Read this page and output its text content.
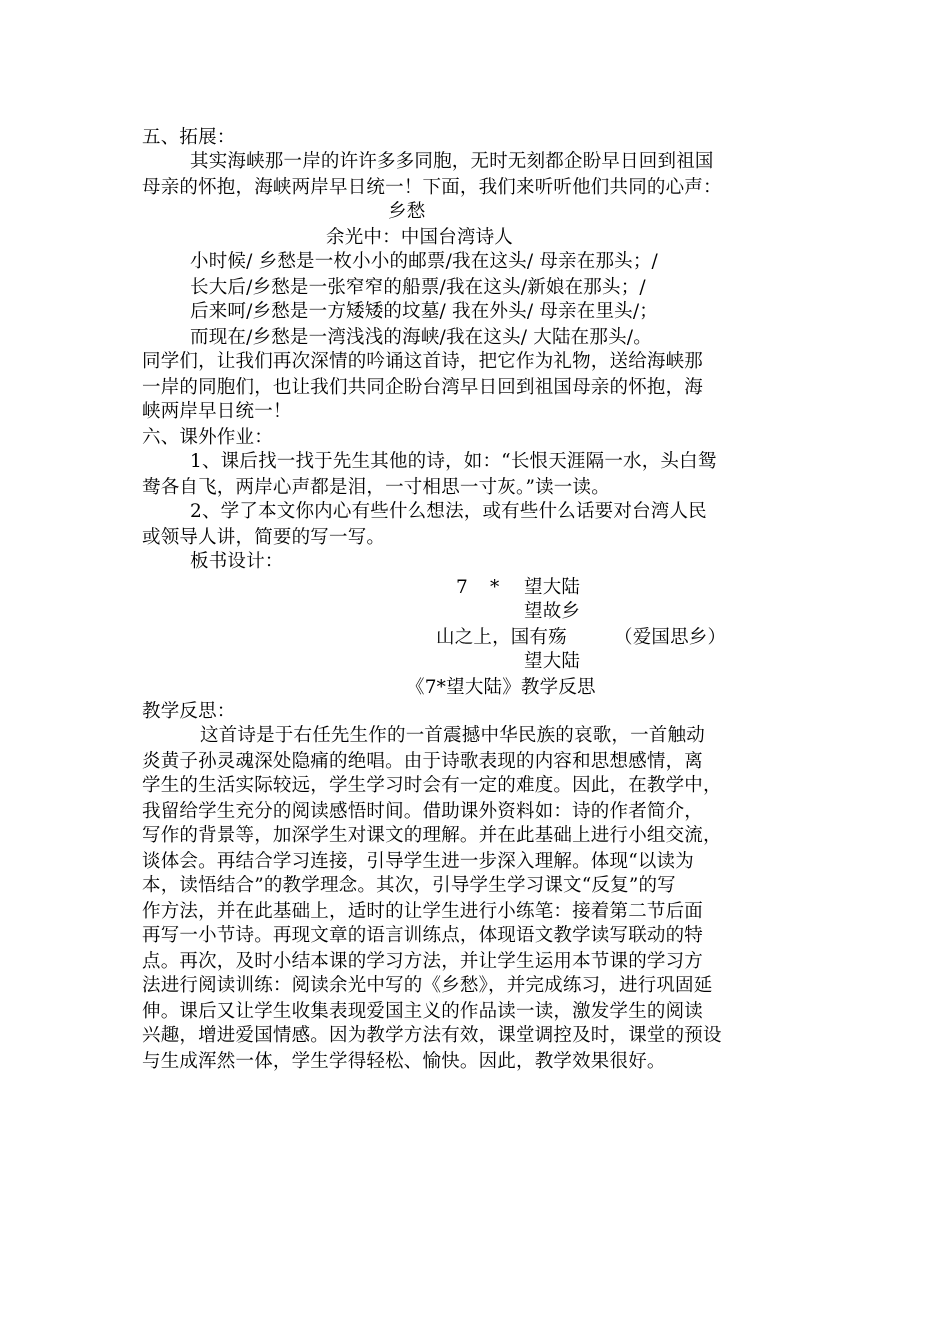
五、拓展：
其实海峡那一岸的许许多多同胞，无时无刻都企盼早日回到祖国
母亲的怀抱，海峡两岸早日统一！下面，我们来听听他们共同的心声：
乡愁
余光中：中国台湾诗人
小时候/ 乡愁是一枚小小的邮票/我在这头/ 母亲在那头；/
长大后/乡愁是一张窄窄的船票/我在这头/新娘在那头；/
后来呵/乡愁是一方矮矮的坟墓/ 我在外头/ 母亲在里头/；
而现在/乡愁是一湾浅浅的海峡/我在这头/ 大陆在那头/。
同学们，让我们再次深情的吟诵这首诗，把它作为礼物，送给海峡那
一岸的同胞们，也让我们共同企盼台湾早日回到祖国母亲的怀抱，海
峡两岸早日统一！
六、课外作业：
1、课后找一找于先生其他的诗，如：“长恨天涯隔一水，头白鸳
鸯各自飞，两岸心声都是泪，一寸相思一寸灰。”读一读。
2、学了本文你内心有些什么想法，或有些什么话要对台湾人民
或领导人讲，简要的写一写。
板书设计：
7 * 望大陆
望故乡
山之上，国有殇	（爱国思乡）
望大陆
《7*望大陆》教学反思
教学反思：
这首诗是于右任先生作的一首震撼中华民族的哀歌，一首触动
炎黄子孙灵魂深处隐痛的绝唱。由于诗歌表现的内容和思想感情，离
学生的生活实际较远，学生学习时会有一定的难度。因此，在教学中，
我留给学生充分的阅读感悟时间。借助课外资料如：诗的作者简介，
写作的背景等，加深学生对课文的理解。并在此基础上进行小组交流，
谈体会。再结合学习连接，引导学生进一步深入理解。体现“以读为
本，读悟结合”的教学理念。其次，引导学生学习课文“反复”的写
作方法，并在此基础上，适时的让学生进行小练笔：接着第二节后面
再写一小节诗。再现文章的语言训练点，体现语文教学读写联动的特
点。再次，及时小结本课的学习方法，并让学生运用本节课的学习方
法进行阅读训练：阅读余光中写的《乡愁》，并完成练习，进行巩固延
伸。课后又让学生收集表现爱国主义的作品读一读，激发学生的阅读
兴趣，增进爱国情感。因为教学方法有效，课堂调控及时，课堂的预设
与生成浑然一体，学生学得轻松、愉快。因此，教学效果很好。
